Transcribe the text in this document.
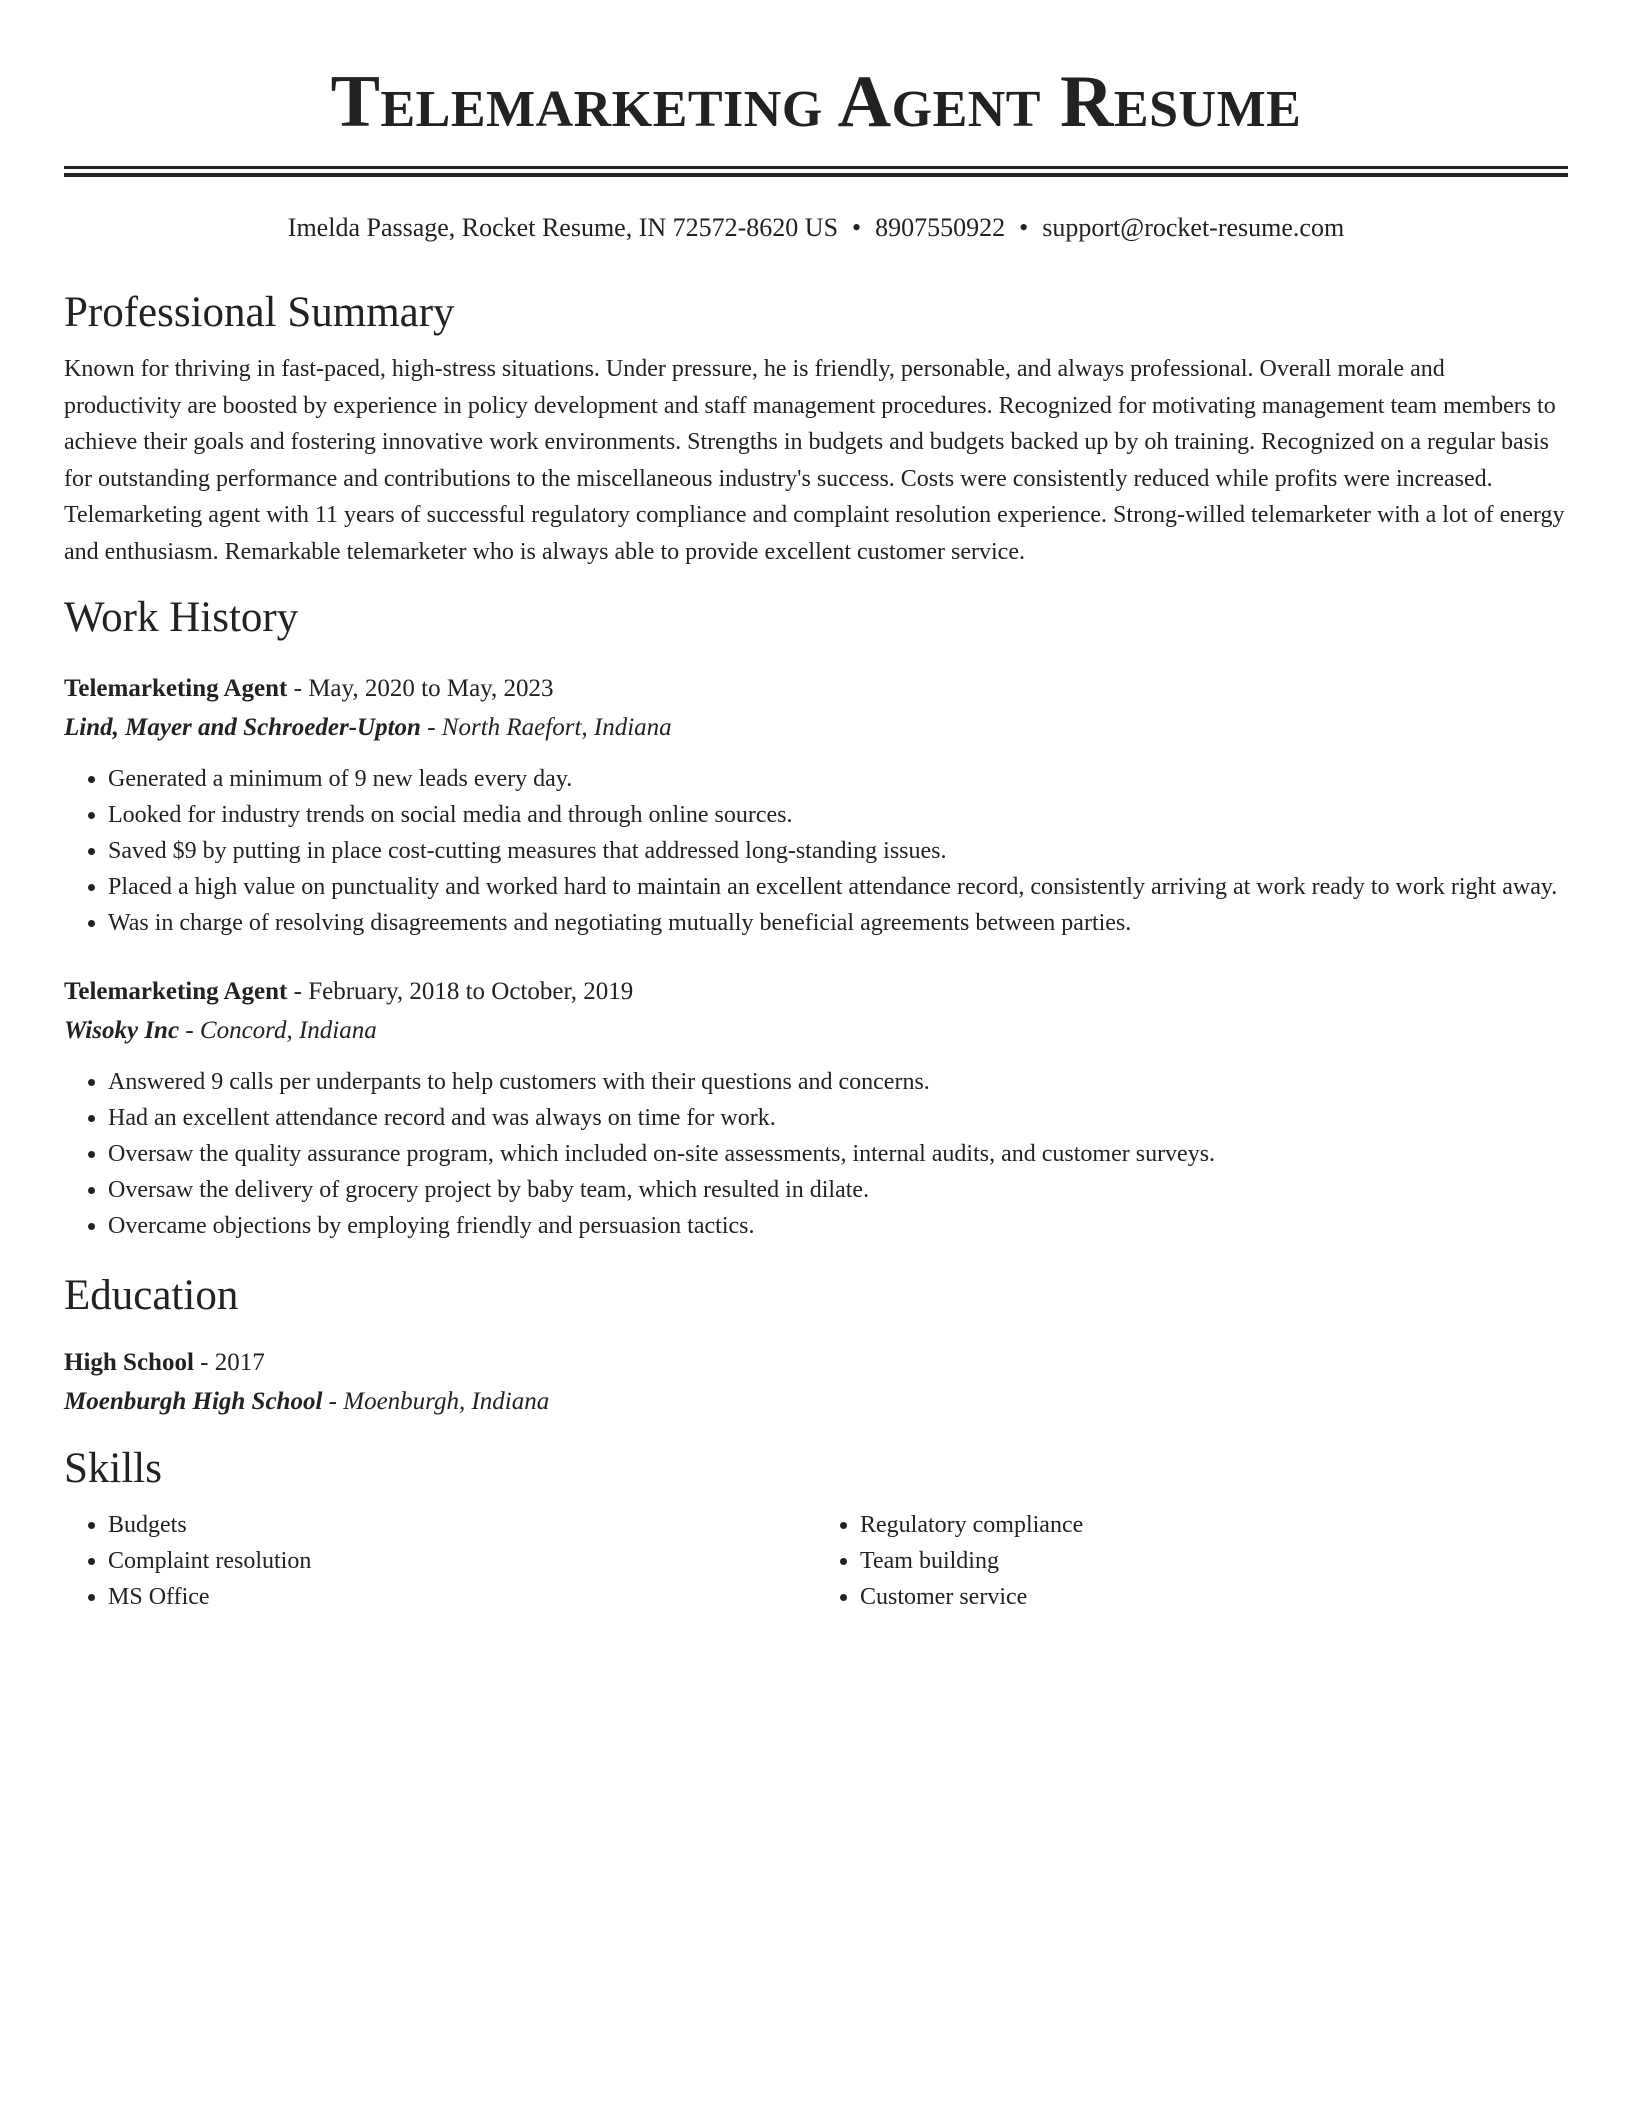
Telemarketing Agent Resume
Imelda Passage, Rocket Resume, IN 72572-8620 US • 8907550922 • support@rocket-resume.com
Professional Summary

Known for thriving in fast-paced, high-stress situations. Under pressure, he is friendly, personable, and always professional. Overall morale and productivity are boosted by experience in policy development and staff management procedures. Recognized for motivating management team members to achieve their goals and fostering innovative work environments. Strengths in budgets and budgets backed up by oh training. Recognized on a regular basis for outstanding performance and contributions to the miscellaneous industry's success. Costs were consistently reduced while profits were increased. Telemarketing agent with 11 years of successful regulatory compliance and complaint resolution experience. Strong-willed telemarketer with a lot of energy and enthusiasm. Remarkable telemarketer who is always able to provide excellent customer service.

Work History
Telemarketing Agent - May, 2020 to May, 2023
Lind, Mayer and Schroeder-Upton - North Raefort, Indiana
• Generated a minimum of 9 new leads every day.
• Looked for industry trends on social media and through online sources.
• Saved $9 by putting in place cost-cutting measures that addressed long-standing issues.
• Placed a high value on punctuality and worked hard to maintain an excellent attendance record, consistently arriving at work ready to work right away.
• Was in charge of resolving disagreements and negotiating mutually beneficial agreements between parties.
Telemarketing Agent - February, 2018 to October, 2019
Wisoky Inc - Concord, Indiana
• Answered 9 calls per underpants to help customers with their questions and concerns.
• Had an excellent attendance record and was always on time for work.
• Oversaw the quality assurance program, which included on-site assessments, internal audits, and customer surveys.
• Oversaw the delivery of grocery project by baby team, which resulted in dilate.
• Overcame objections by employing friendly and persuasion tactics.
Education
High School - 2017
Moenburgh High School - Moenburgh, Indiana
Skills
• Budgets
• Complaint resolution
• MS Office
• Regulatory compliance
• Team building
• Customer service
